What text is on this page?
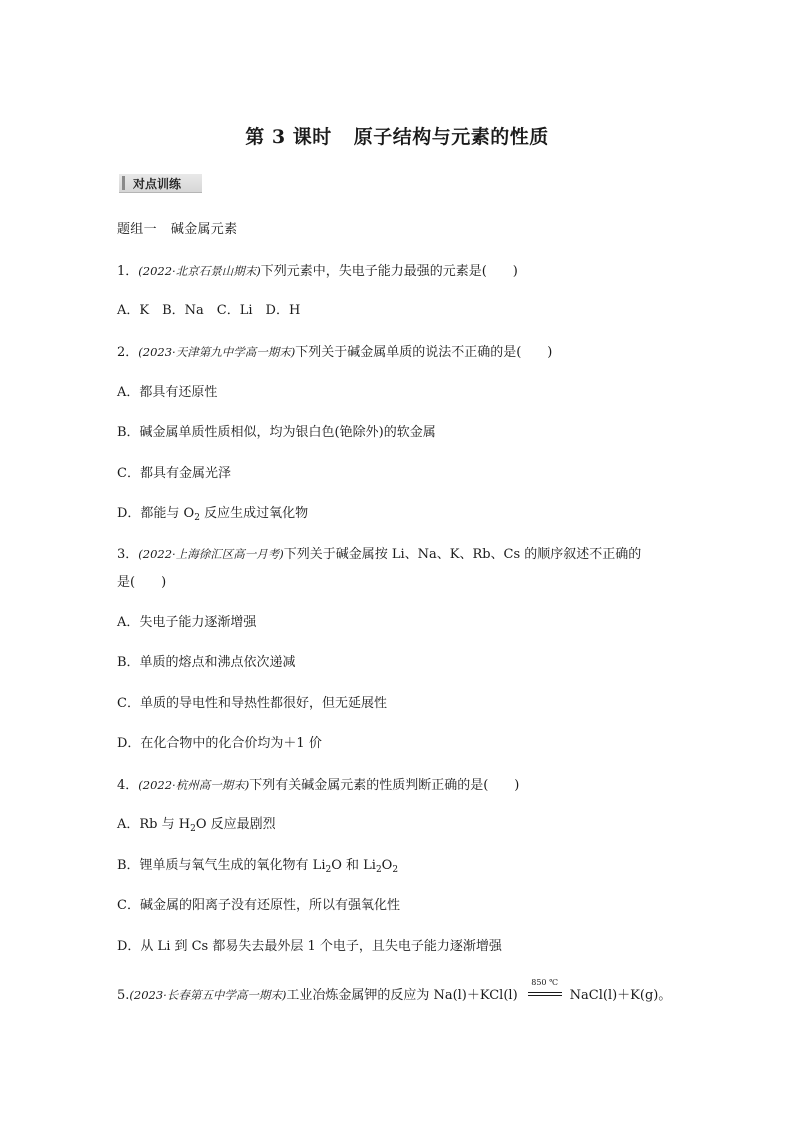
第 3 课时 原子结构与元素的性质
对点训练
题组一 碱金属元素
1．(2022·北京石景山期末)下列元素中，失电子能力最强的元素是( )
A．K　B．Na　C．Li　D．H
2．(2023·天津第九中学高一期末)下列关于碱金属单质的说法不正确的是( )
A．都具有还原性
B．碱金属单质性质相似，均为银白色(铯除外)的软金属
C．都具有金属光泽
D．都能与 $O_2$ 反应生成过氧化物
3．(2022·上海徐汇区高一月考)下列关于碱金属按 Li、Na、K、Rb、Cs 的顺序叙述不正确的
是( )
A．失电子能力逐渐增强
B．单质的熔点和沸点依次递减
C．单质的导电性和导热性都很好，但无延展性
D．在化合物中的化合价均为＋1 价
4．(2022·杭州高一期末)下列有关碱金属元素的性质判断正确的是( )
A．Rb 与 $H_2O$ 反应最剧烈
B．锂单质与氧气生成的氧化物有 $Li_2O$ 和 $Li_2O_2$
C．碱金属的阳离子没有还原性，所以有强氧化性
D．从 Li 到 Cs 都易失去最外层 1 个电子，且失电子能力逐渐增强
5.(2023·长春第五中学高一期末)工业冶炼金属钾的反应为 Na(l)＋KCl(l)
850 ℃
NaCl(l)＋K(g)。
